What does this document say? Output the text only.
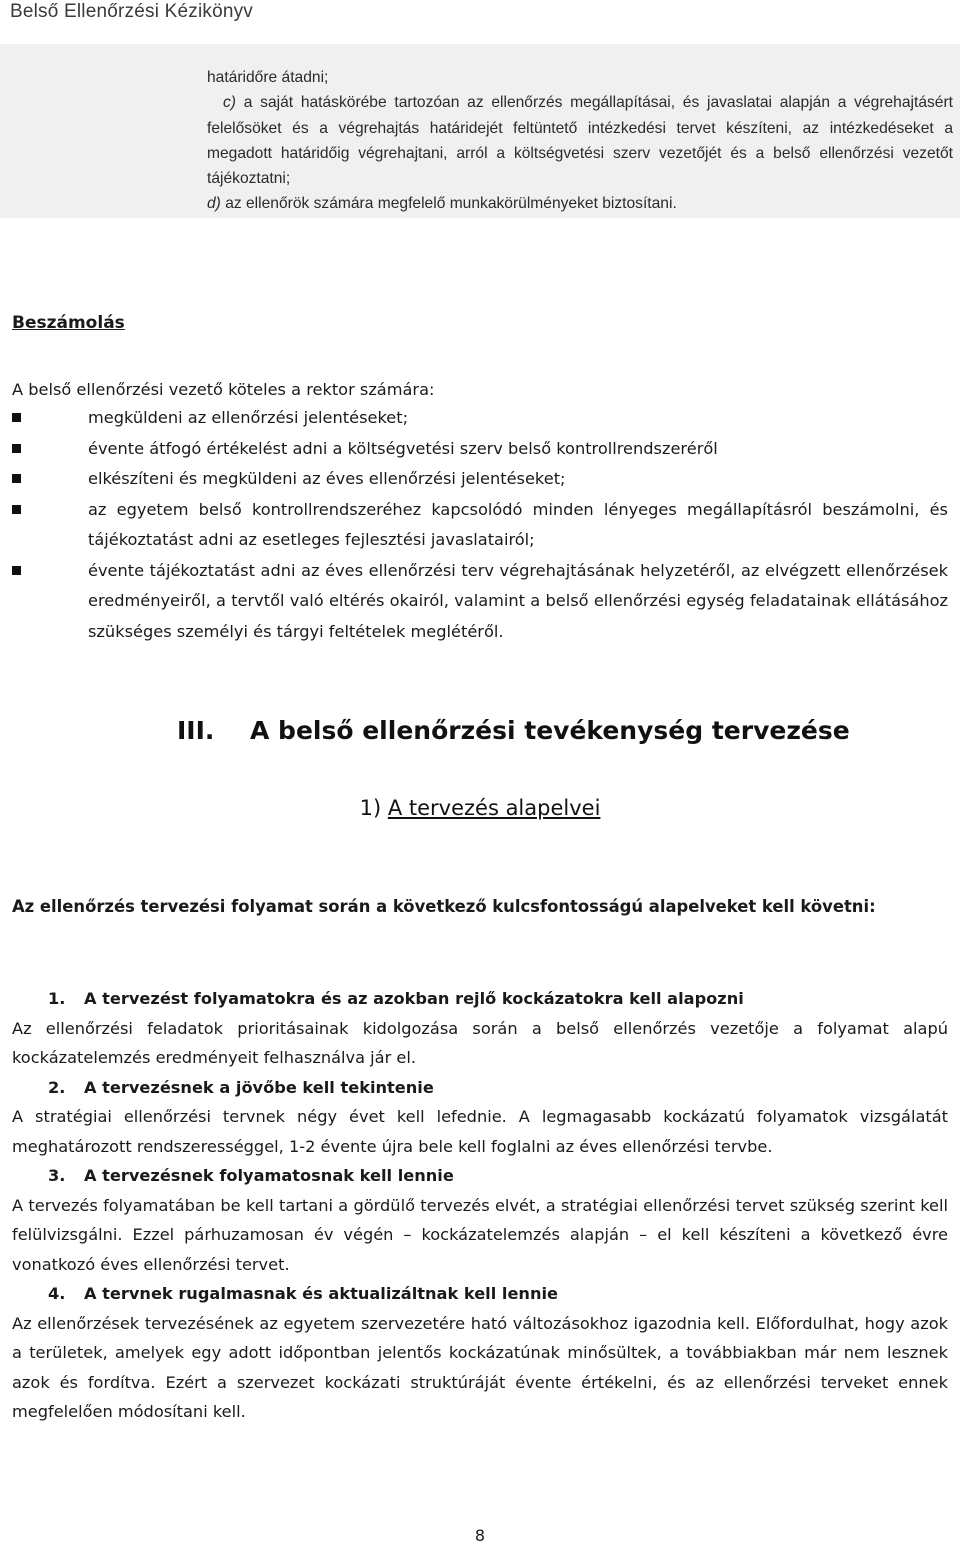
Belső Ellenőrzési Kézikönyv

határidőre átadni;

c) a saját hatáskörébe tartozóan az ellenőrzés megállapításai, és javaslatai alapján a végrehajtásért felelősöket és a végrehajtás határidejét feltüntető intézkedési tervet készíteni, az intézkedéseket a megadott határidőig végrehajtani, arról a költségvetési szerv vezetőjét és a belső ellenőrzési vezetőt tájékoztatni;

d) az ellenőrök számára megfelelő munkakörülményeket biztosítani.

Beszámolás
A belső ellenőrzési vezető köteles a rektor számára:
megküldeni az ellenőrzési jelentéseket;
évente átfogó értékelést adni a költségvetési szerv belső kontrollrendszeréről
elkészíteni és megküldeni az éves ellenőrzési jelentéseket;
az egyetem belső kontrollrendszeréhez kapcsolódó minden lényeges megállapításról beszámolni, és tájékoztatást adni az esetleges fejlesztési javaslatairól;
évente tájékoztatást adni az éves ellenőrzési terv végrehajtásának helyzetéről, az elvégzett ellenőrzések eredményeiről, a tervtől való eltérés okairól, valamint a belső ellenőrzési egység feladatainak ellátásához szükséges személyi és tárgyi feltételek meglétéről.
III. A belső ellenőrzési tevékenység tervezése
1) A tervezés alapelvei
Az ellenőrzés tervezési folyamat során a következő kulcsfontosságú alapelveket kell követni:
1. A tervezést folyamatokra és az azokban rejlő kockázatokra kell alapozni

Az ellenőrzési feladatok prioritásainak kidolgozása során a belső ellenőrzés vezetője a folyamat alapú kockázatelemzés eredményeit felhasználva jár el.

2. A tervezésnek a jövőbe kell tekintenie

A stratégiai ellenőrzési tervnek négy évet kell lefednie. A legmagasabb kockázatú folyamatok vizsgálatát meghatározott rendszerességgel, 1-2 évente újra bele kell foglalni az éves ellenőrzési tervbe.

3. A tervezésnek folyamatosnak kell lennie

A tervezés folyamatában be kell tartani a gördülő tervezés elvét, a stratégiai ellenőrzési tervet szükség szerint kell felülvizsgálni. Ezzel párhuzamosan év végén – kockázatelemzés alapján – el kell készíteni a következő évre vonatkozó éves ellenőrzési tervet.

4. A tervnek rugalmasnak és aktualizáltnak kell lennie

Az ellenőrzések tervezésének az egyetem szervezetére ható változásokhoz igazodnia kell. Előfordulhat, hogy azok a területek, amelyek egy adott időpontban jelentős kockázatúnak minősültek, a továbbiakban már nem lesznek azok és fordítva. Ezért a szervezet kockázati struktúráját évente értékelni, és az ellenőrzési terveket ennek megfelelően módosítani kell.

8
